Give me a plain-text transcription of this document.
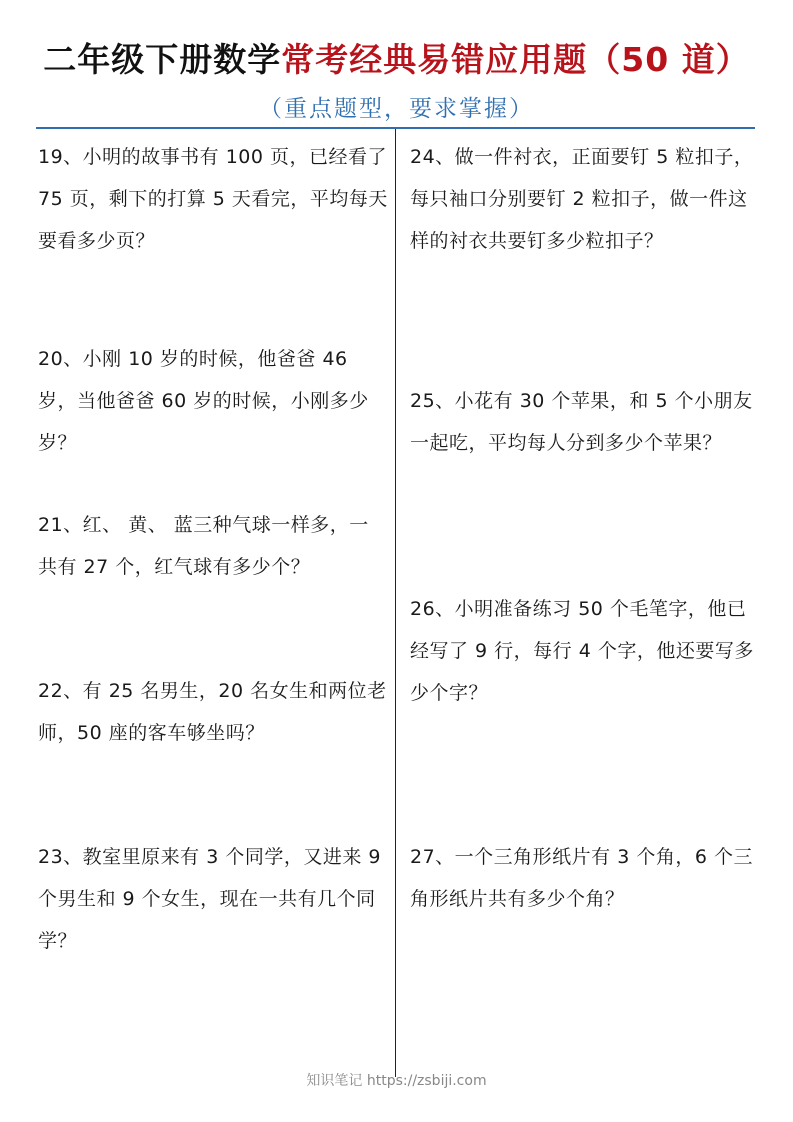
二年级下册数学常考经典易错应用题（50 道）
（重点题型，要求掌握）
19、小明的故事书有 100 页，已经看了 75 页，剩下的打算 5 天看完，平均每天要看多少页？
20、小刚 10 岁的时候，他爸爸 46 岁，当他爸爸 60 岁的时候，小刚多少岁？
21、红、 黄、 蓝三种气球一样多，一共有 27 个，红气球有多少个？
22、有 25 名男生，20 名女生和两位老师，50 座的客车够坐吗？
23、教室里原来有 3 个同学，又进来 9 个男生和 9 个女生，现在一共有几个同学？
24、做一件衬衣，正面要钉 5 粒扣子，每只袖口分别要钉 2 粒扣子，做一件这样的衬衣共要钉多少粒扣子？
25、小花有 30 个苹果，和 5 个小朋友一起吃，平均每人分到多少个苹果？
26、小明准备练习 50 个毛笔字，他已经写了 9 行，每行 4 个字，他还要写多少个字？
27、一个三角形纸片有 3 个角，6 个三角形纸片共有多少个角？
知识笔记 https://zsbiji.com
